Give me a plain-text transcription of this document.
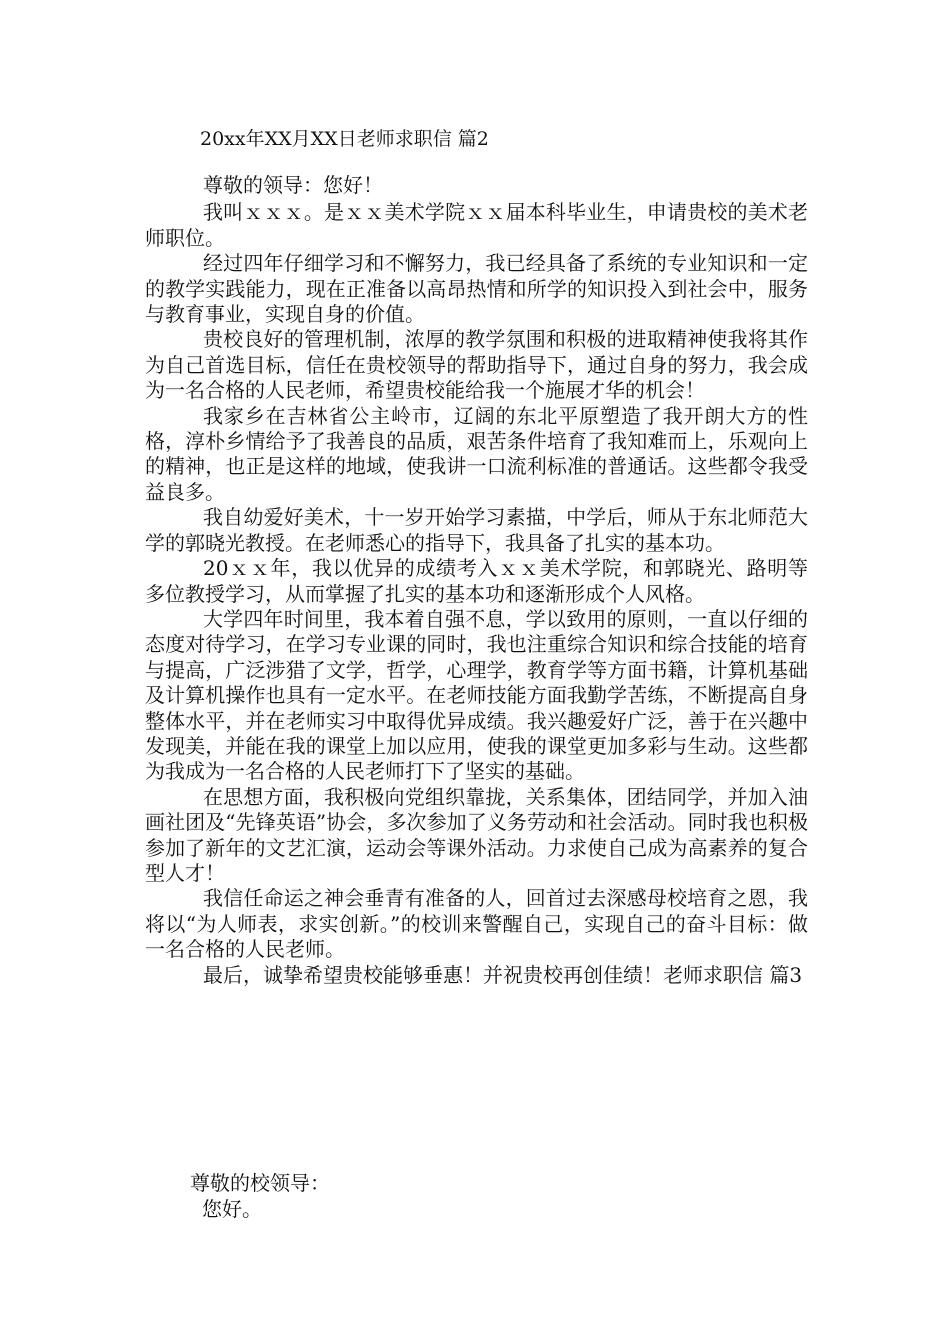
20xx年XX月XX日老师求职信 篇2

尊敬的领导：您好！

我叫ｘｘｘ。是ｘｘ美术学院ｘｘ届本科毕业生，申请贵校的美术老师职位。

经过四年仔细学习和不懈努力，我已经具备了系统的专业知识和一定的教学实践能力，现在正准备以高昂热情和所学的知识投入到社会中，服务与教育事业，实现自身的价值。

贵校良好的管理机制，浓厚的教学氛围和积极的进取精神使我将其作为自己首选目标，信任在贵校领导的帮助指导下，通过自身的努力，我会成为一名合格的人民老师，希望贵校能给我一个施展才华的机会！

我家乡在吉林省公主岭市，辽阔的东北平原塑造了我开朗大方的性格，淳朴乡情给予了我善良的品质，艰苦条件培育了我知难而上，乐观向上的精神，也正是这样的地域，使我讲一口流利标准的普通话。这些都令我受益良多。

我自幼爱好美术，十一岁开始学习素描，中学后，师从于东北师范大学的郭晓光教授。在老师悉心的指导下，我具备了扎实的基本功。

20ｘｘ年，我以优异的成绩考入ｘｘ美术学院，和郭晓光、路明等多位教授学习，从而掌握了扎实的基本功和逐渐形成个人风格。

大学四年时间里，我本着自强不息，学以致用的原则，一直以仔细的态度对待学习，在学习专业课的同时，我也注重综合知识和综合技能的培育与提高，广泛涉猎了文学，哲学，心理学，教育学等方面书籍，计算机基础及计算机操作也具有一定水平。在老师技能方面我勤学苦练，不断提高自身整体水平，并在老师实习中取得优异成绩。我兴趣爱好广泛，善于在兴趣中发现美，并能在我的课堂上加以应用，使我的课堂更加多彩与生动。这些都为我成为一名合格的人民老师打下了坚实的基础。

在思想方面，我积极向党组织靠拢，关系集体，团结同学，并加入油画社团及“先锋英语”协会，多次参加了义务劳动和社会活动。同时我也积极参加了新年的文艺汇演，运动会等课外活动。力求使自己成为高素养的复合型人才！

我信任命运之神会垂青有准备的人，回首过去深感母校培育之恩，我将以“为人师表，求实创新。”的校训来警醒自己，实现自己的奋斗目标：做一名合格的人民老师。

最后，诚挚希望贵校能够垂惠！并祝贵校再创佳绩！老师求职信 篇3

尊敬的校领导：

您好。
